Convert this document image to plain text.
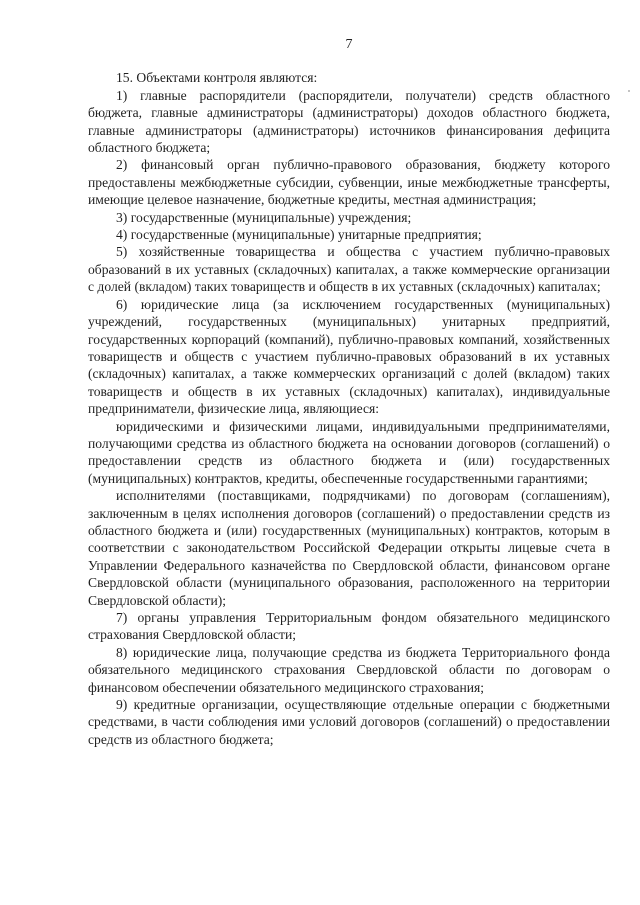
7

15. Объектами контроля являются:

1) главные распорядители (распорядители, получатели) средств областного бюджета, главные администраторы (администраторы) доходов областного бюджета, главные администраторы (администраторы) источников финансирования дефицита областного бюджета;

2) финансовый орган публично-правового образования, бюджету которого предоставлены межбюджетные субсидии, субвенции, иные межбюджетные трансферты, имеющие целевое назначение, бюджетные кредиты, местная администрация;

3) государственные (муниципальные) учреждения;

4) государственные (муниципальные) унитарные предприятия;

5) хозяйственные товарищества и общества с участием публично-правовых образований в их уставных (складочных) капиталах, а также коммерческие организации с долей (вкладом) таких товариществ и обществ в их уставных (складочных) капиталах;

6) юридические лица (за исключением государственных (муниципальных) учреждений, государственных (муниципальных) унитарных предприятий, государственных корпораций (компаний), публично-правовых компаний, хозяйственных товариществ и обществ с участием публично-правовых образований в их уставных (складочных) капиталах, а также коммерческих организаций с долей (вкладом) таких товариществ и обществ в их уставных (складочных) капиталах), индивидуальные предприниматели, физические лица, являющиеся:

юридическими и физическими лицами, индивидуальными предпринимателями, получающими средства из областного бюджета на основании договоров (соглашений) о предоставлении средств из областного бюджета и (или) государственных (муниципальных) контрактов, кредиты, обеспеченные государственными гарантиями;

исполнителями (поставщиками, подрядчиками) по договорам (соглашениям), заключенным в целях исполнения договоров (соглашений) о предоставлении средств из областного бюджета и (или) государственных (муниципальных) контрактов, которым в соответствии с законодательством Российской Федерации открыты лицевые счета в Управлении Федерального казначейства по Свердловской области, финансовом органе Свердловской области (муниципального образования, расположенного на территории Свердловской области);

7) органы управления Территориальным фондом обязательного медицинского страхования Свердловской области;

8) юридические лица, получающие средства из бюджета Территориального фонда обязательного медицинского страхования Свердловской области по договорам о финансовом обеспечении обязательного медицинского страхования;

9) кредитные организации, осуществляющие отдельные операции с бюджетными средствами, в части соблюдения ими условий договоров (соглашений) о предоставлении средств из областного бюджета;
